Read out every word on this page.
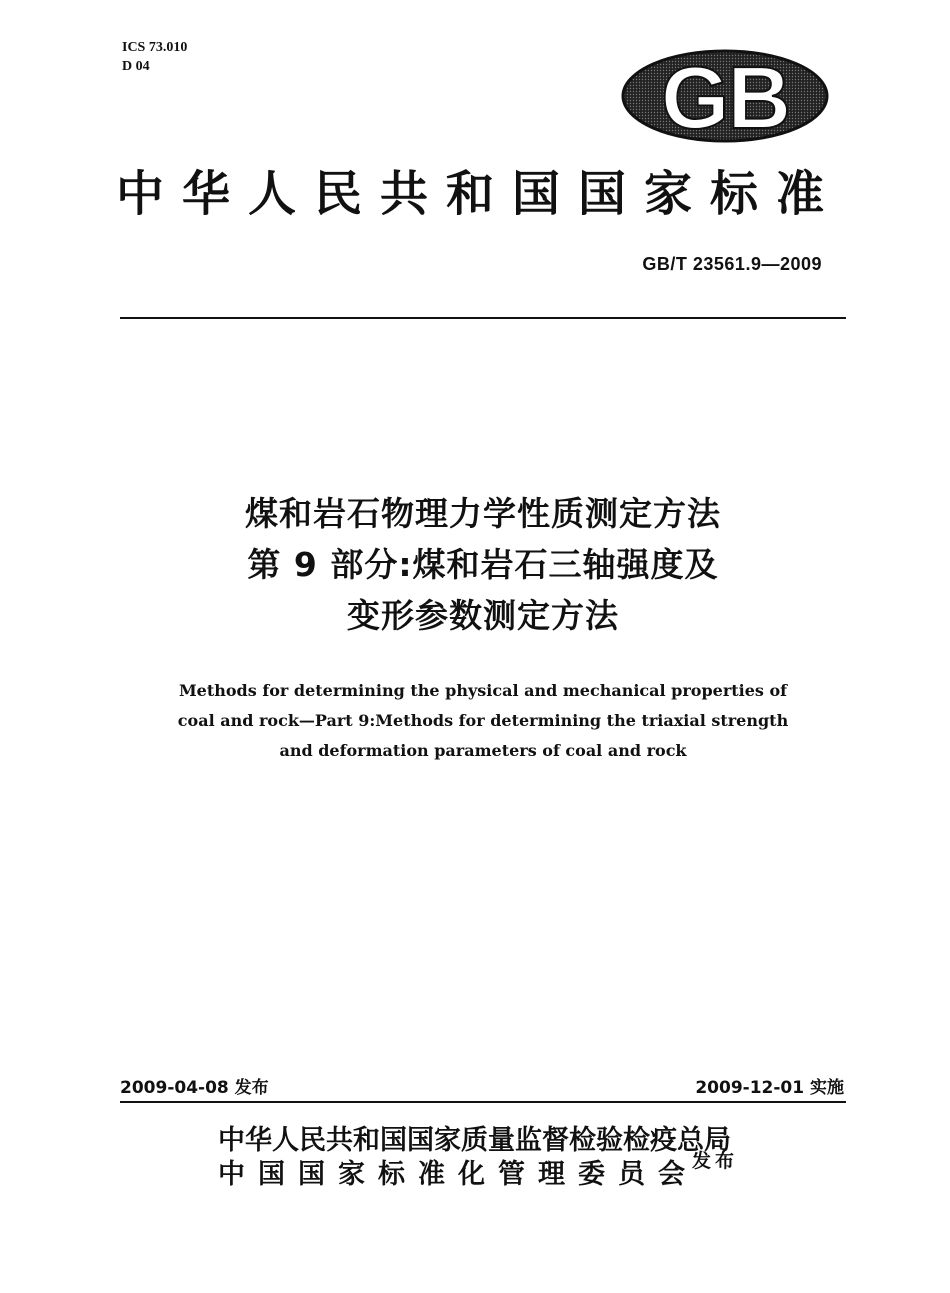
ICS 73.010
D 04	GB
中华人民共和国国家标准
GB/T 23561.9—2009
煤和岩石物理力学性质测定方法
第 9 部分:煤和岩石三轴强度及
变形参数测定方法
Methods for determining the physical and mechanical properties of
coal and rock—Part 9:Methods for determining the triaxial strength
and deformation parameters of coal and rock
2009-04-08 发布	2009-12-01 实施
中华人民共和国国家质量监督检验检疫总局
中国国家标准化管理委员会
发布
